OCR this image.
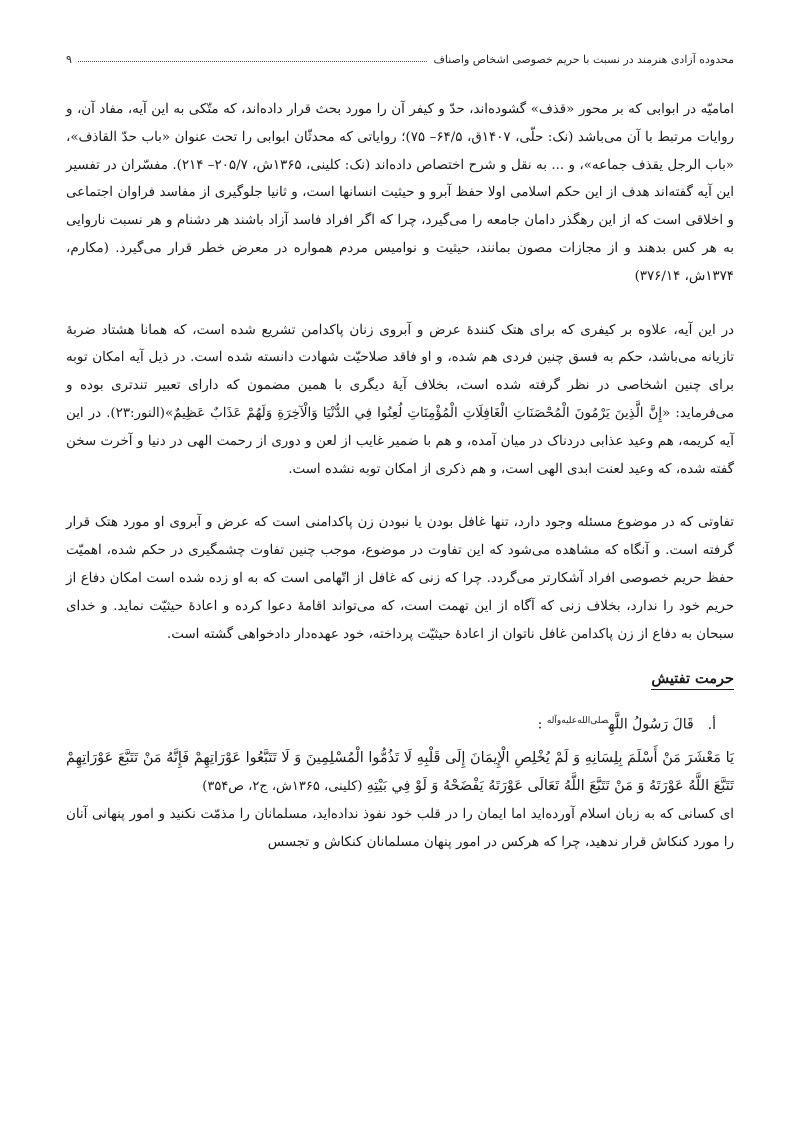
محدوده آزادی هنرمند در نسبت با حریم خصوصی اشخاص واصناف
۹

امامیّه در ابوابی که بر محور «قذف» گشوده‌اند، حدّ و کیفر آن را مورد بحث قرار داده‌اند، که متّکی به این آیه، مفاد آن، و روایات مرتبط با آن می‌باشد (نک: حلّی، ۱۴۰۷ق، ۶۴/۵– ۷۵)؛ روایاتی که محدثّان ابوابی را تحت عنوان «باب حدّ القاذف»، «باب الرجل یقذف جماعه»، و ... به نقل و شرح اختصاص داده‌اند (نک: کلینی، ۱۳۶۵ش، ۲۰۵/۷– ۲۱۴). مفسّران در تفسیر این آیه گفته‌اند هدف از این حکم اسلامی اولا حفظ آبرو و حیثیت انسانها است، و ثانیا جلوگیری از مفاسد فراوان اجتماعی و اخلاقی است که از این رهگذر دامان جامعه را می‌گیرد، چرا که اگر افراد فاسد آزاد باشند هر دشنام و هر نسبت ناروایی به هر کس بدهند و از مجازات مصون بمانند، حیثیت و نوامیس مردم همواره در معرض خطر قرار می‌گیرد. (مکارم، ۱۳۷۴ش، ۳۷۶/۱۴)

در این آیه، علاوه بر کیفری که برای هتک کنندۀ عرض و آبروی زنان پاکدامن تشریع شده است، که همانا هشتاد ضربۀ تازیانه می‌باشد، حکم به فسق چنین فردی هم شده، و او فاقد صلاحیّت شهادت دانسته شده است. در ذیل آیه امکان توبه برای چنین اشخاصی در نظر گرفته شده است، بخلاف آیۀ دیگری با همین مضمون که دارای تعبیر تندتری بوده و می‌فرماید: «إِنَّ الَّذِينَ يَرْمُونَ الْمُحْصَنَاتِ الْغَافِلَاتِ الْمُؤْمِنَاتِ لُعِنُوا فِي الدُّنْيَا وَالْآخِرَةِ وَلَهُمْ عَذَابٌ عَظِيمٌ»(النور:۲۳). در این آیه کریمه، هم وعید عذابی دردناک در میان آمده، و هم با ضمیر غایب از لعن و دوری از رحمت الهی در دنیا و آخرت سخن گفته شده، که وعید لعنت ابدی الهی است، و هم ذکری از امکان توبه نشده است.

تفاوتی که در موضوع مسئله وجود دارد، تنها غافل بودن یا نبودن زن پاکدامنی است که عرض و آبروی او مورد هتک قرار گرفته است. و آنگاه که مشاهده می‌شود که این تفاوت در موضوع، موجب چنین تفاوت چشمگیری در حکم شده، اهمیّت حفظ حریم خصوصی افراد آشکارتر می‌گردد. چرا که زنی که غافل از اتّهامی است که به او زده شده است امکان دفاع از حریم خود را ندارد، بخلاف زنی که آگاه از این تهمت است، که می‌تواند اقامۀ دعوا کرده و اعادۀ حیثیّت نماید. و خدای سبحان به دفاع از زن پاکدامن غافل ناتوان از اعادۀ حیثیّت پرداخته، خود عهده‌دار دادخواهی گشته است.

حرمت تفتیش
أ.قَالَ رَسُولُ اللَّهِ$^{صلی‌الله‌علیه‌وآله}$ :

يَا مَعْشَرَ مَنْ أَسْلَمَ بِلِسَانِهِ وَ لَمْ يُخْلِصِ الْإِيمَانَ إِلَى قَلْبِهِ لَا تَذُمُّوا الْمُسْلِمِينَ وَ لَا تَتَبَّعُوا عَوْرَاتِهِمْ فَإِنَّهُ مَنْ تَتَبَّعَ عَوْرَاتِهِمْ تَتَبَّعَ اللَّهُ عَوْرَتَهُ وَ مَنْ تَتَبَّعَ اللَّهُ تَعَالَى عَوْرَتَهُ يَفْضَحْهُ وَ لَوْ فِي بَيْتِهِ (کلینی، ۱۳۶۵ش، ج۲، ص۳۵۴)

ای کسانی که به زبان اسلام آورده‌اید اما ایمان را در قلب خود نفوذ نداده‌اید، مسلمانان را مذمّت نکنید و امور پنهانی آنان را مورد کنکاش قرار ندهید، چرا که هرکس در امور پنهان مسلمانان کنکاش و تجسس
